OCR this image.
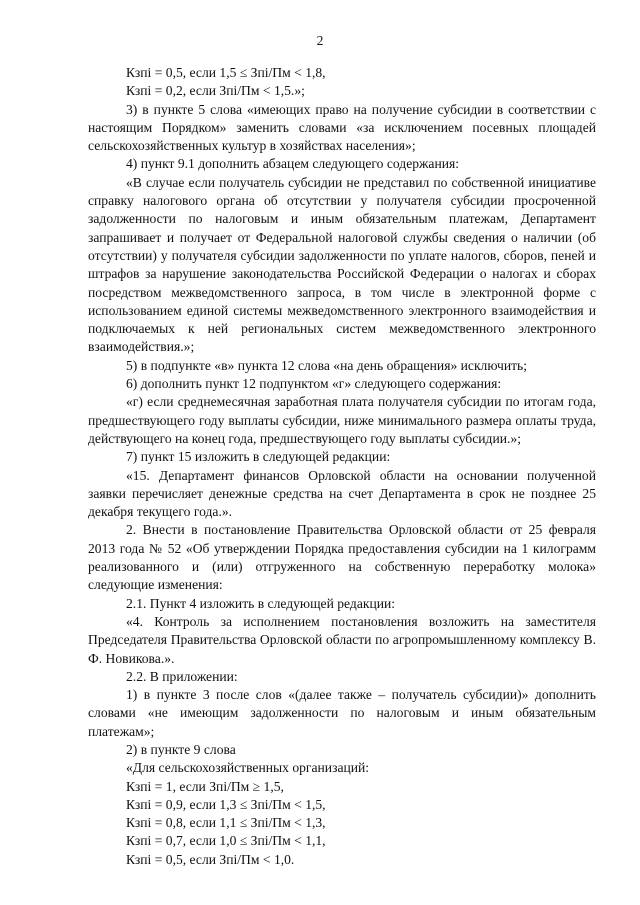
2

Кзпi = 0,5, если 1,5 ≤ Зпi/Пм < 1,8,

Кзпi = 0,2, если Зпi/Пм < 1,5.»;

3) в пункте 5 слова «имеющих право на получение субсидии в соответствии с настоящим Порядком» заменить словами «за исключением посевных площадей сельскохозяйственных культур в хозяйствах населения»;

4) пункт 9.1 дополнить абзацем следующего содержания:

«В случае если получатель субсидии не представил по собственной инициативе справку налогового органа об отсутствии у получателя субсидии просроченной задолженности по налоговым и иным обязательным платежам, Департамент запрашивает и получает от Федеральной налоговой службы сведения о наличии (об отсутствии) у получателя субсидии задолженности по уплате налогов, сборов, пеней и штрафов за нарушение законодательства Российской Федерации о налогах и сборах посредством межведомственного запроса, в том числе в электронной форме с использованием единой системы межведомственного электронного взаимодействия и подключаемых к ней региональных систем межведомственного электронного взаимодействия.»;

5) в подпункте «в» пункта 12 слова «на день обращения» исключить;

6) дополнить пункт 12 подпунктом «г» следующего содержания:

«г) если среднемесячная заработная плата получателя субсидии по итогам года, предшествующего году выплаты субсидии, ниже минимального размера оплаты труда, действующего на конец года, предшествующего году выплаты субсидии.»;

7) пункт 15 изложить в следующей редакции:

«15. Департамент финансов Орловской области на основании полученной заявки перечисляет денежные средства на счет Департамента в срок не позднее 25 декабря текущего года.».

2. Внести в постановление Правительства Орловской области от 25 февраля 2013 года № 52 «Об утверждении Порядка предоставления субсидии на 1 килограмм реализованного и (или) отгруженного на собственную переработку молока» следующие изменения:

2.1. Пункт 4 изложить в следующей редакции:

«4. Контроль за исполнением постановления возложить на заместителя Председателя Правительства Орловской области по агропромышленному комплексу В. Ф. Новикова.».

2.2. В приложении:

1) в пункте 3 после слов «(далее также – получатель субсидии)» дополнить словами «не имеющим задолженности по налоговым и иным обязательным платежам»;

2) в пункте 9 слова

«Для сельскохозяйственных организаций:

Кзпi = 1, если Зпi/Пм ≥ 1,5,

Кзпi = 0,9, если 1,3 ≤ Зпi/Пм < 1,5,

Кзпi = 0,8, если 1,1 ≤ Зпi/Пм < 1,3,

Кзпi = 0,7, если 1,0 ≤ Зпi/Пм < 1,1,

Кзпi = 0,5, если Зпi/Пм < 1,0.
